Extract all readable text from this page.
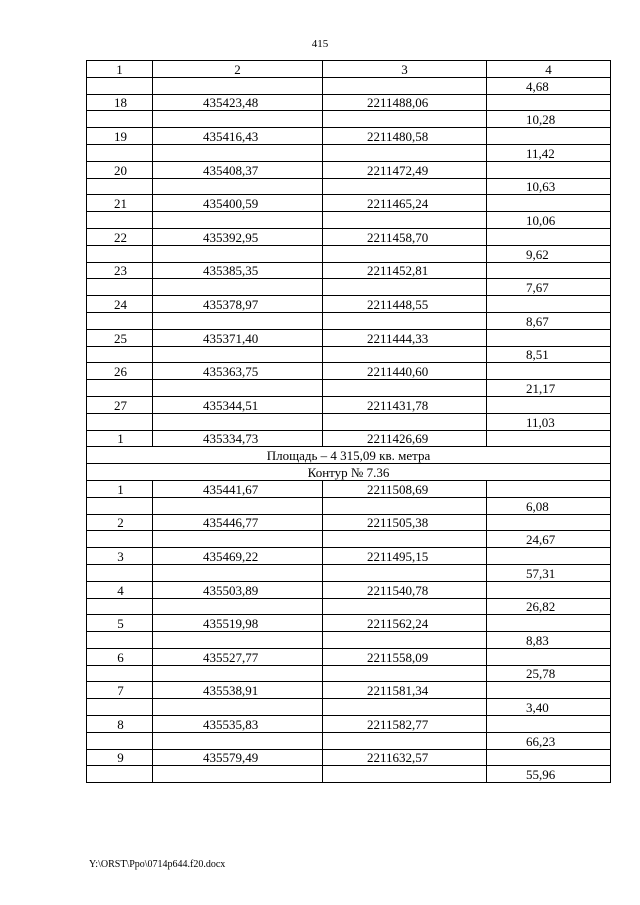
415
1	2	3	4
			4,68
18	435423,48	2211488,06	
			10,28
19	435416,43	2211480,58	
			11,42
20	435408,37	2211472,49	
			10,63
21	435400,59	2211465,24	
			10,06
22	435392,95	2211458,70	
			9,62
23	435385,35	2211452,81	
			7,67
24	435378,97	2211448,55	
			8,67
25	435371,40	2211444,33	
			8,51
26	435363,75	2211440,60	
			21,17
27	435344,51	2211431,78	
			11,03
1	435334,73	2211426,69	
Площадь – 4 315,09 кв. метра			
Контур № 7.36			
1	435441,67	2211508,69	
			6,08
2	435446,77	2211505,38	
			24,67
3	435469,22	2211495,15	
			57,31
4	435503,89	2211540,78	
			26,82
5	435519,98	2211562,24	
			8,83
6	435527,77	2211558,09	
			25,78
7	435538,91	2211581,34	
			3,40
8	435535,83	2211582,77	
			66,23
9	435579,49	2211632,57	
			55,96
Y:\ORST\Ppo\0714p644.f20.docx
